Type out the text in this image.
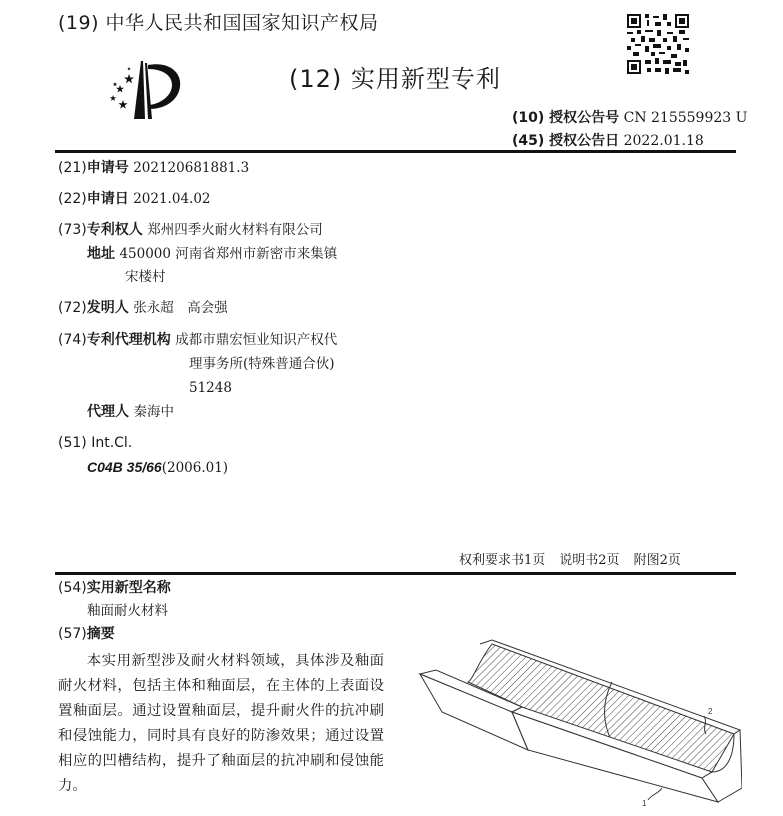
(19) 中华人民共和国国家知识产权局
(12) 实用新型专利
(10) 授权公告号 CN 215559923 U
(45) 授权公告日 2022.01.18
(21)申请号 202120681881.3
(22)申请日 2021.04.02
(73)专利权人 郑州四季火耐火材料有限公司
地址 450000 河南省郑州市新密市来集镇
宋楼村
(72)发明人 张永超　高会强
(74)专利代理机构 成都市鼎宏恒业知识产权代
理事务所(特殊普通合伙)
51248
代理人 秦海中
(51) Int.Cl.
C04B 35/66(2006.01)
权利要求书1页 说明书2页 附图2页
(54)实用新型名称
釉面耐火材料
(57)摘要
本实用新型涉及耐火材料领域，具体涉及釉面耐火材料，包括主体和釉面层，在主体的上表面设置釉面层。通过设置釉面层，提升耐火件的抗冲刷和侵蚀能力，同时具有良好的防渗效果；通过设置相应的凹槽结构，提升了釉面层的抗冲刷和侵蚀能力。
2
1
